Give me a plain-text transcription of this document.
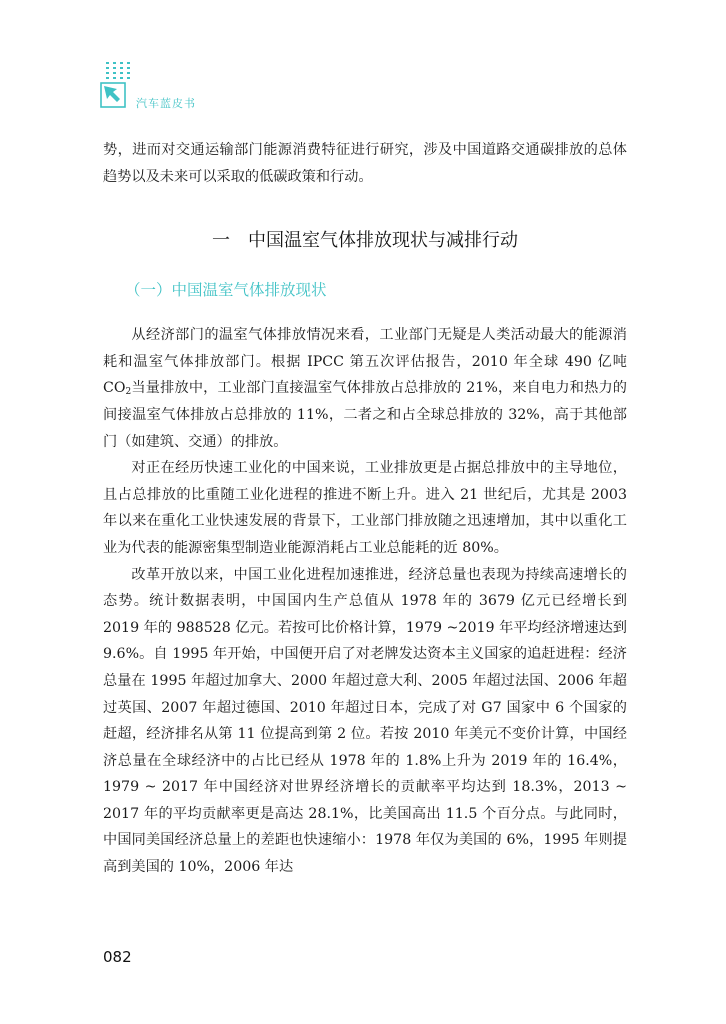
汽车蓝皮书

势，进而对交通运输部门能源消费特征进行研究，涉及中国道路交通碳排放的总体趋势以及未来可以采取的低碳政策和行动。

一 中国温室气体排放现状与减排行动
（一）中国温室气体排放现状

从经济部门的温室气体排放情况来看，工业部门无疑是人类活动最大的能源消耗和温室气体排放部门。根据 IPCC 第五次评估报告，2010 年全球 490 亿吨 $CO_2$当量排放中，工业部门直接温室气体排放占总排放的 21%，来自电力和热力的间接温室气体排放占总排放的 11%，二者之和占全球总排放的 32%，高于其他部门（如建筑、交通）的排放。

对正在经历快速工业化的中国来说，工业排放更是占据总排放中的主导地位，且占总排放的比重随工业化进程的推进不断上升。进入 21 世纪后，尤其是 2003 年以来在重化工业快速发展的背景下，工业部门排放随之迅速增加，其中以重化工业为代表的能源密集型制造业能源消耗占工业总能耗的近 80%。

改革开放以来，中国工业化进程加速推进，经济总量也表现为持续高速增长的态势。统计数据表明，中国国内生产总值从 1978 年的 3679 亿元已经增长到 2019 年的 988528 亿元。若按可比价格计算，1979 ~2019 年平均经济增速达到 9.6%。自 1995 年开始，中国便开启了对老牌发达资本主义国家的追赶进程：经济总量在 1995 年超过加拿大、2000 年超过意大利、2005 年超过法国、2006 年超过英国、2007 年超过德国、2010 年超过日本，完成了对 G7 国家中 6 个国家的赶超，经济排名从第 11 位提高到第 2 位。若按 2010 年美元不变价计算，中国经济总量在全球经济中的占比已经从 1978 年的 1.8%上升为 2019 年的 16.4%，1979 ~ 2017 年中国经济对世界经济增长的贡献率平均达到 18.3%，2013 ~ 2017 年的平均贡献率更是高达 28.1%，比美国高出 11.5 个百分点。与此同时，中国同美国经济总量上的差距也快速缩小：1978 年仅为美国的 6%，1995 年则提高到美国的 10%，2006 年达

082
